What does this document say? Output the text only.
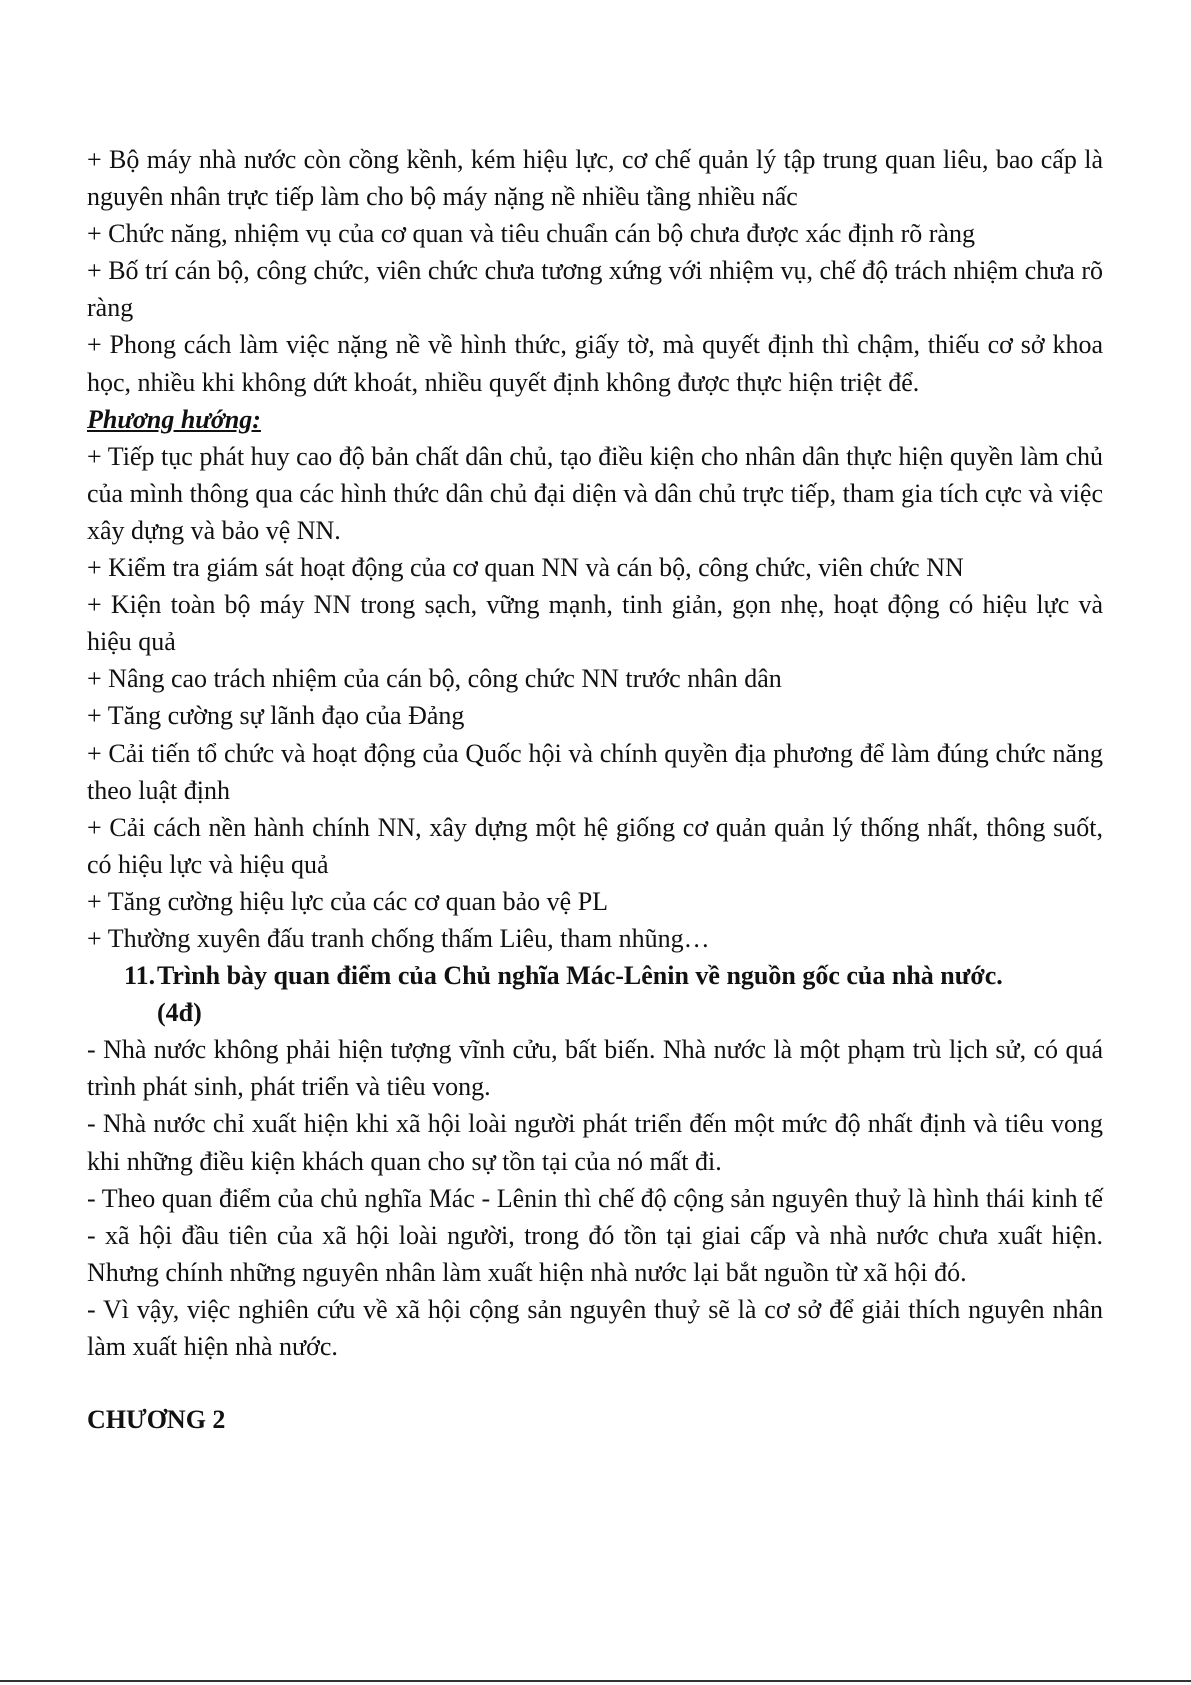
+ Bộ máy nhà nước còn cồng kềnh, kém hiệu lực, cơ chế quản lý tập trung quan liêu, bao cấp là nguyên nhân trực tiếp làm cho bộ máy nặng nề nhiều tầng nhiều nấc

+ Chức năng, nhiệm vụ của cơ quan và tiêu chuẩn cán bộ chưa được xác định rõ ràng

+ Bố trí cán bộ, công chức, viên chức chưa tương xứng với nhiệm vụ, chế độ trách nhiệm chưa rõ ràng

+ Phong cách làm việc nặng nề về hình thức, giấy tờ, mà quyết định thì chậm, thiếu cơ sở khoa học, nhiều khi không dứt khoát, nhiều quyết định không được thực hiện triệt để.

Phương hướng:

+ Tiếp tục phát huy cao độ bản chất dân chủ, tạo điều kiện cho nhân dân thực hiện quyền làm chủ của mình thông qua các hình thức dân chủ đại diện và dân chủ trực tiếp, tham gia tích cực và việc xây dựng và bảo vệ NN.

+ Kiểm tra giám sát hoạt động của cơ quan NN và cán bộ, công chức, viên chức NN

+ Kiện toàn bộ máy NN trong sạch, vững mạnh, tinh giản, gọn nhẹ, hoạt động có hiệu lực và hiệu quả

+ Nâng cao trách nhiệm của cán bộ, công chức NN trước nhân dân

+ Tăng cường sự lãnh đạo của Đảng

+ Cải tiến tổ chức và hoạt động của Quốc hội và chính quyền địa phương để làm đúng chức năng theo luật định

+ Cải cách nền hành chính NN, xây dựng một hệ giống cơ quản quản lý thống nhất, thông suốt, có hiệu lực và hiệu quả

+ Tăng cường hiệu lực của các cơ quan bảo vệ PL

+ Thường xuyên đấu tranh chống thấm Liêu, tham nhũng…

11.Trình bày quan điểm của Chủ nghĩa Mác-Lênin về nguồn gốc của nhà nước.
(4đ)

- Nhà nước không phải hiện tượng vĩnh cửu, bất biến. Nhà nước là một phạm trù lịch sử, có quá trình phát sinh, phát triển và tiêu vong.

- Nhà nước chỉ xuất hiện khi xã hội loài người phát triển đến một mức độ nhất định và tiêu vong khi những điều kiện khách quan cho sự tồn tại của nó mất đi.

- Theo quan điểm của chủ nghĩa Mác - Lênin thì chế độ cộng sản nguyên thuỷ là hình thái kinh tế - xã hội đầu tiên của xã hội loài người, trong đó tồn tại giai cấp và nhà nước chưa xuất hiện. Nhưng chính những nguyên nhân làm xuất hiện nhà nước lại bắt nguồn từ xã hội đó.

- Vì vậy, việc nghiên cứu về xã hội cộng sản nguyên thuỷ sẽ là cơ sở để giải thích nguyên nhân làm xuất hiện nhà nước.

CHƯƠNG 2
